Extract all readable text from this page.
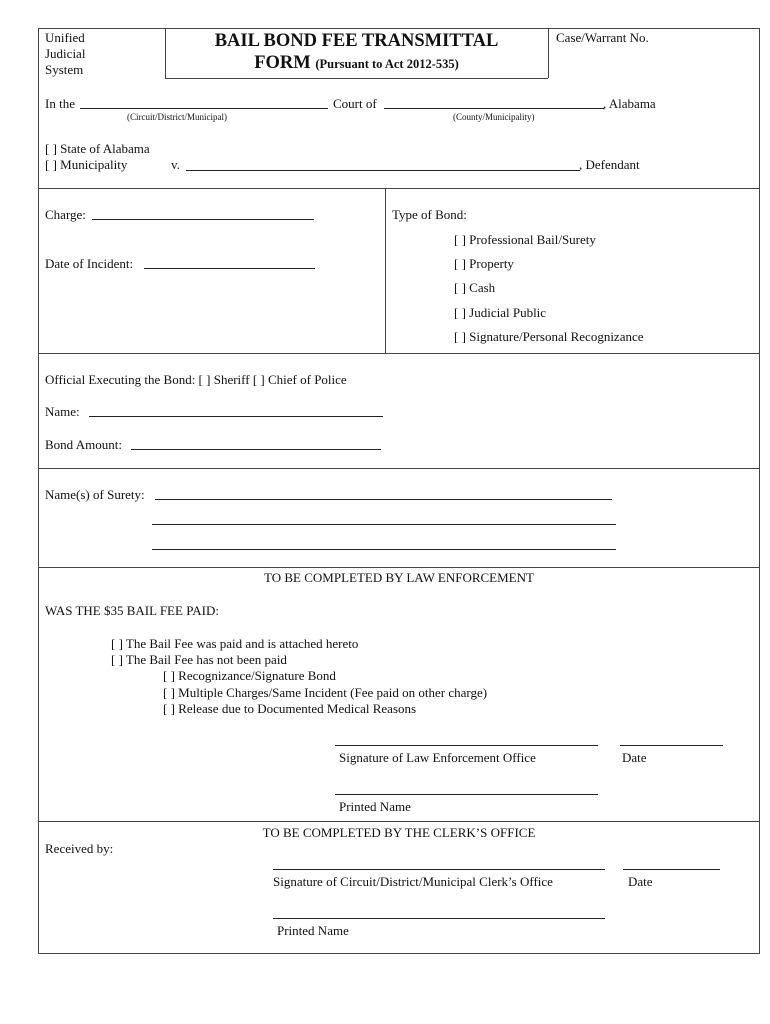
Unified
Judicial
System
BAIL BOND FEE TRANSMITTAL
FORM (Pursuant to Act 2012-535)
Case/Warrant No.
In the	Court of	, Alabama
(Circuit/District/Municipal)	(County/Municipality)
[ ] State of Alabama
[ ] Municipality	v.	, Defendant
Charge:
Date of Incident:
Type of Bond:
[ ] Professional Bail/Surety
[ ] Property
[ ] Cash
[ ] Judicial Public
[ ] Signature/Personal Recognizance
Official Executing the Bond: [ ] Sheriff [ ] Chief of Police
Name:
Bond Amount:
Name(s) of Surety:
TO BE COMPLETED BY LAW ENFORCEMENT
WAS THE $35 BAIL FEE PAID:
[ ] The Bail Fee was paid and is attached hereto
[ ] The Bail Fee has not been paid
[ ] Recognizance/Signature Bond
[ ] Multiple Charges/Same Incident (Fee paid on other charge)
[ ] Release due to Documented Medical Reasons
Signature of Law Enforcement Office	Date
Printed Name
TO BE COMPLETED BY THE CLERK’S OFFICE
Received by:
Signature of Circuit/District/Municipal Clerk’s Office	Date
Printed Name
